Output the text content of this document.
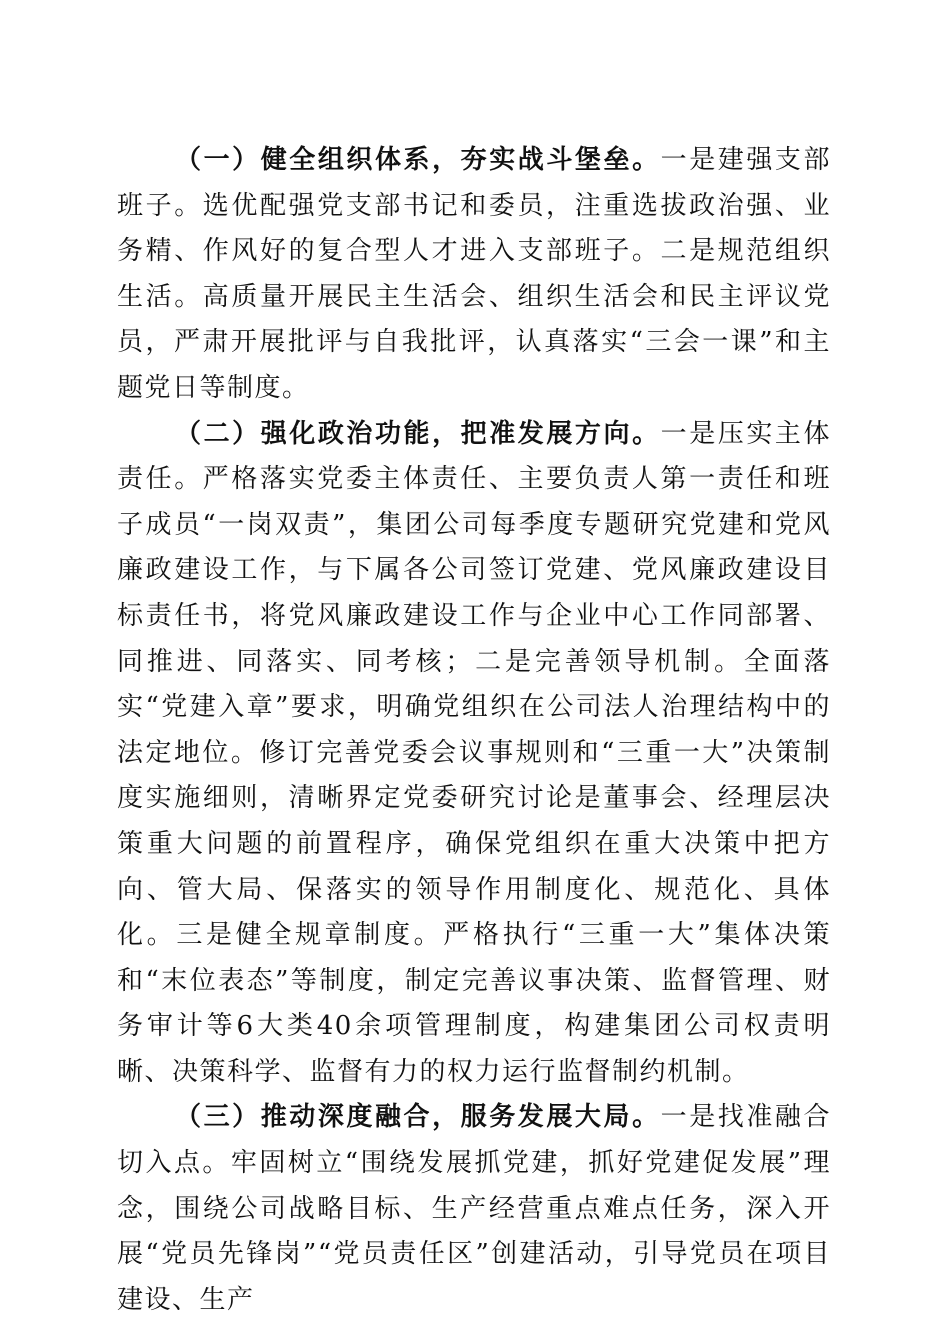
（一）健全组织体系，夯实战斗堡垒。一是建强支部班子。选优配强党支部书记和委员，注重选拔政治强、业务精、作风好的复合型人才进入支部班子。二是规范组织生活。高质量开展民主生活会、组织生活会和民主评议党员，严肃开展批评与自我批评，认真落实“三会一课”和主题党日等制度。

（二）强化政治功能，把准发展方向。一是压实主体责任。严格落实党委主体责任、主要负责人第一责任和班子成员“一岗双责”，集团公司每季度专题研究党建和党风廉政建设工作，与下属各公司签订党建、党风廉政建设目标责任书，将党风廉政建设工作与企业中心工作同部署、同推进、同落实、同考核；二是完善领导机制。全面落实“党建入章”要求，明确党组织在公司法人治理结构中的法定地位。修订完善党委会议事规则和“三重一大”决策制度实施细则，清晰界定党委研究讨论是董事会、经理层决策重大问题的前置程序，确保党组织在重大决策中把方向、管大局、保落实的领导作用制度化、规范化、具体化。三是健全规章制度。严格执行“三重一大”集体决策和“末位表态”等制度，制定完善议事决策、监督管理、财务审计等6大类40余项管理制度，构建集团公司权责明晰、决策科学、监督有力的权力运行监督制约机制。

（三）推动深度融合，服务发展大局。一是找准融合切入点。牢固树立“围绕发展抓党建，抓好党建促发展”理念，围绕公司战略目标、生产经营重点难点任务，深入开展“党员先锋岗”“党员责任区”创建活动，引导党员在项目建设、生产
